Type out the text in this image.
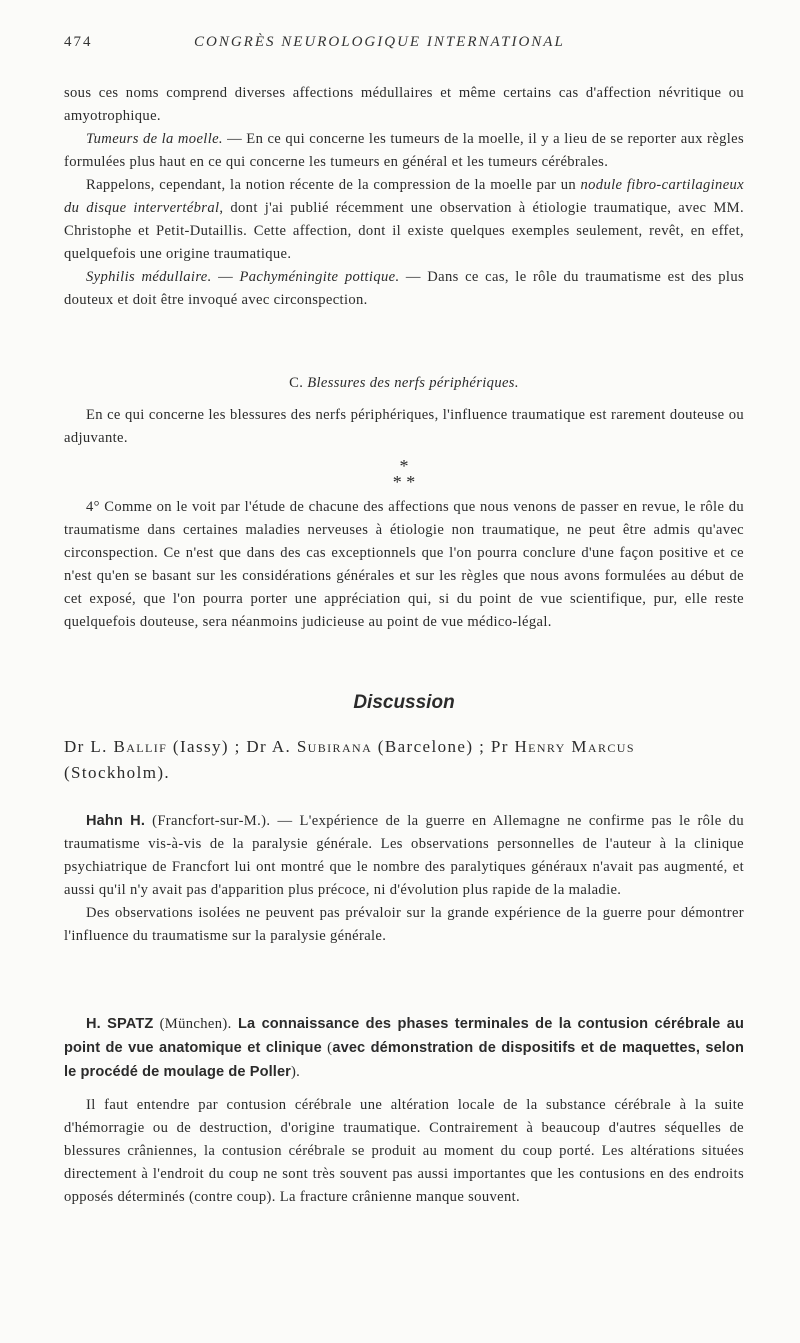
474	CONGRÈS NEUROLOGIQUE INTERNATIONAL

sous ces noms comprend diverses affections médullaires et même certains cas d'affection névritique ou amyotrophique.

Tumeurs de la moelle. — En ce qui concerne les tumeurs de la moelle, il y a lieu de se reporter aux règles formulées plus haut en ce qui concerne les tumeurs en général et les tumeurs cérébrales.

Rappelons, cependant, la notion récente de la compression de la moelle par un nodule fibro-cartilagineux du disque intervertébral, dont j'ai publié récemment une observation à étiologie traumatique, avec MM. Christophe et Petit-Dutaillis. Cette affection, dont il existe quelques exemples seulement, revêt, en effet, quelquefois une origine traumatique.

Syphilis médullaire. — Pachyméningite pottique. — Dans ce cas, le rôle du traumatisme est des plus douteux et doit être invoqué avec circonspection.

C. Blessures des nerfs périphériques.

En ce qui concerne les blessures des nerfs périphériques, l'influence traumatique est rarement douteuse ou adjuvante.

*
* *

4° Comme on le voit par l'étude de chacune des affections que nous venons de passer en revue, le rôle du traumatisme dans certaines maladies nerveuses à étiologie non traumatique, ne peut être admis qu'avec circonspection. Ce n'est que dans des cas exceptionnels que l'on pourra conclure d'une façon positive et ce n'est qu'en se basant sur les considérations générales et sur les règles que nous avons formulées au début de cet exposé, que l'on pourra porter une appréciation qui, si du point de vue scientifique, pur, elle reste quelquefois douteuse, sera néanmoins judicieuse au point de vue médico-légal.

Discussion

Dr L. Ballif (Iassy) ; Dr A. Subirana (Barcelone) ; Pr Henry Marcus (Stockholm).

Hahn H. (Francfort-sur-M.). — L'expérience de la guerre en Allemagne ne confirme pas le rôle du traumatisme vis-à-vis de la paralysie générale. Les observations personnelles de l'auteur à la clinique psychiatrique de Francfort lui ont montré que le nombre des paralytiques généraux n'avait pas augmenté, et aussi qu'il n'y avait pas d'apparition plus précoce, ni d'évolution plus rapide de la maladie.

Des observations isolées ne peuvent pas prévaloir sur la grande expérience de la guerre pour démontrer l'influence du traumatisme sur la paralysie générale.

H. SPATZ (München). La connaissance des phases terminales de la contusion cérébrale au point de vue anatomique et clinique (avec démonstration de dispositifs et de maquettes, selon le procédé de moulage de Poller).

Il faut entendre par contusion cérébrale une altération locale de la substance cérébrale à la suite d'hémorragie ou de destruction, d'origine traumatique. Contrairement à beaucoup d'autres séquelles de blessures crâniennes, la contusion cérébrale se produit au moment du coup porté. Les altérations situées directement à l'endroit du coup ne sont très souvent pas aussi importantes que les contusions en des endroits opposés déterminés (contre coup). La fracture crânienne manque souvent.
